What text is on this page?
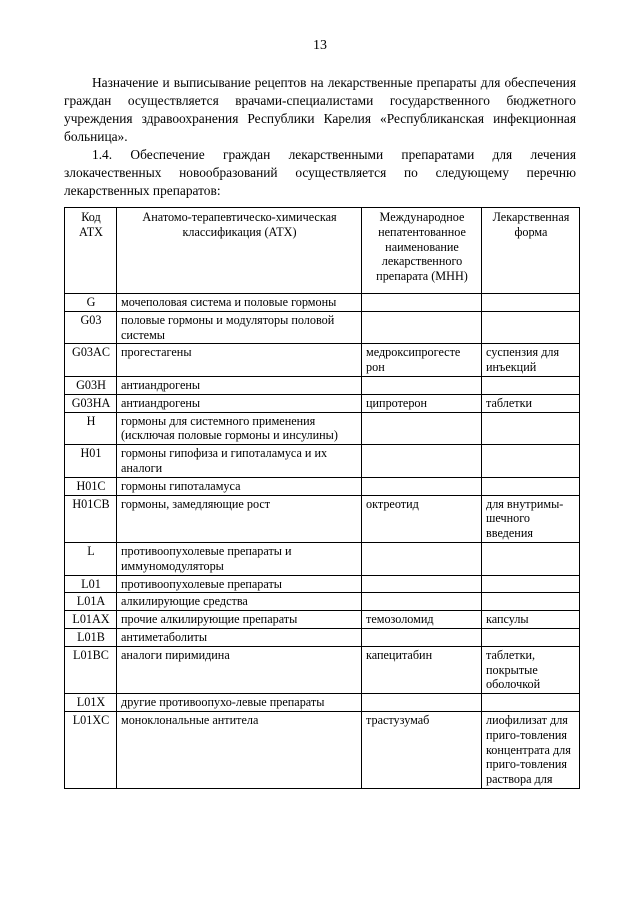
13

Назначение и выписывание рецептов на лекарственные препараты для обеспечения граждан осуществляется врачами-специалистами государственного бюджетного учреждения здравоохранения Республики Карелия «Республиканская инфекционная больница».

1.4. Обеспечение граждан лекарственными препаратами для лечения злокачественных новообразований осуществляется по следующему перечню лекарственных препаратов:

Код АТХ	Анатомо-терапевтическо-химическая классификация (АТХ)	Международное непатентованное наименование лекарственного препарата (МНН)	Лекарственная форма
G	мочеполовая система и половые гормоны		
G03	половые гормоны и модуляторы половой системы		
G03AC	прогестагены	медроксипрогесте рон	суспензия для инъекций
G03H	антиандрогены		
G03HA	антиандрогены	ципротерон	таблетки
H	гормоны для системного применения (исключая половые гормоны и инсулины)		
H01	гормоны гипофиза и гипоталамуса и их аналоги		
H01C	гормоны гипоталамуса		
H01CB	гормоны, замедляющие рост	октреотид	для внутримы-шечного введения
L	противоопухолевые препараты и иммуномодуляторы		
L01	противоопухолевые препараты		
L01A	алкилирующие средства		
L01AX	прочие алкилирующие препараты	темозоломид	капсулы
L01B	антиметаболиты		
L01BC	аналоги пиримидина	капецитабин	таблетки, покрытые оболочкой
L01X	другие противоопухо-левые препараты		
L01XC	моноклональные антитела	трастузумаб	лиофилизат для приго-товления концентрата для приго-товления раствора для
